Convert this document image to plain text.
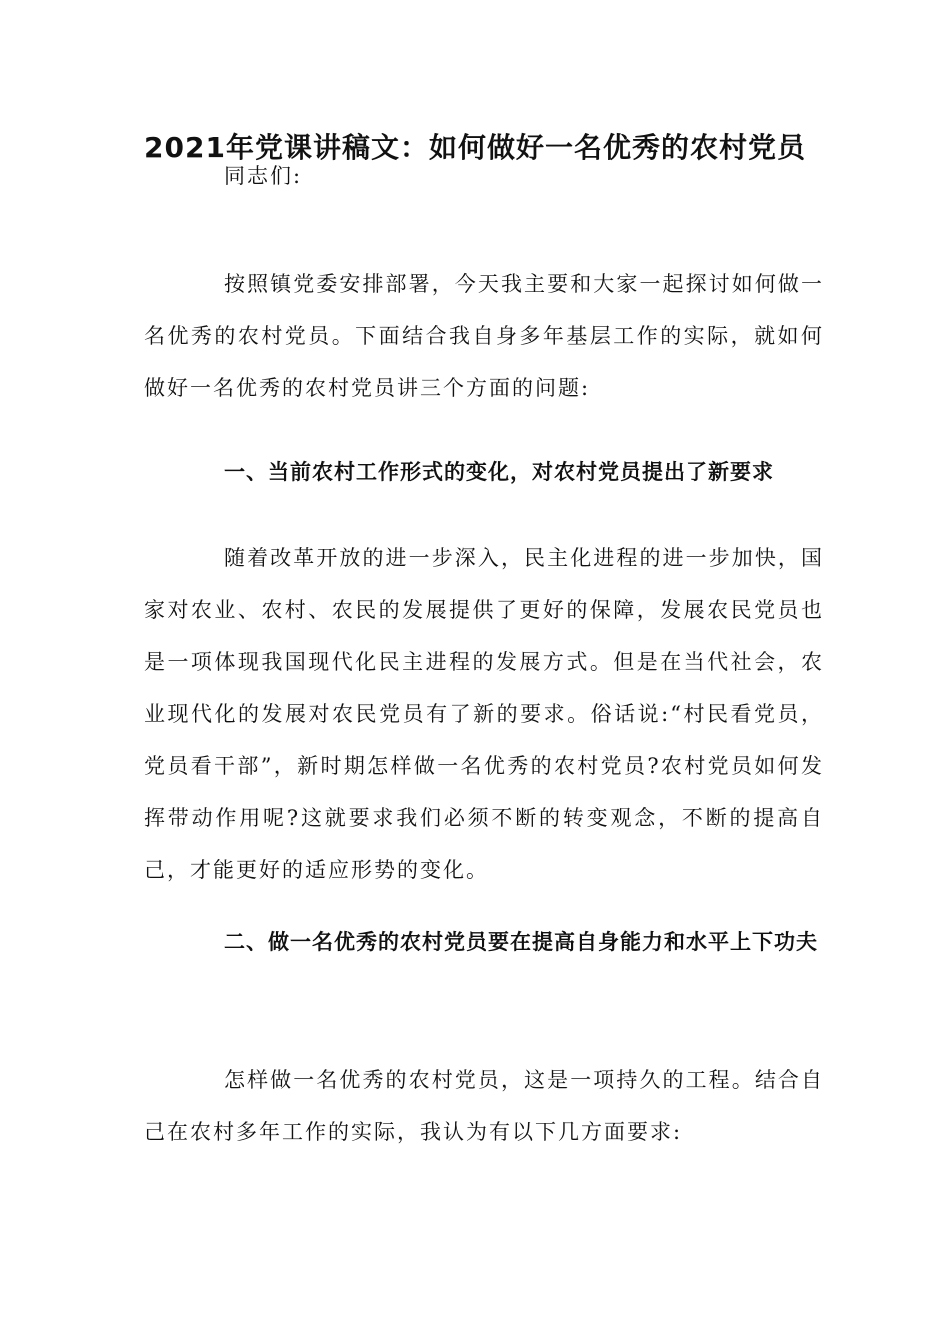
2021年党课讲稿文：如何做好一名优秀的农村党员

同志们:

按照镇党委安排部署，今天我主要和大家一起探讨如何做一名优秀的农村党员。下面结合我自身多年基层工作的实际，就如何做好一名优秀的农村党员讲三个方面的问题:

一、当前农村工作形式的变化，对农村党员提出了新要求

随着改革开放的进一步深入，民主化进程的进一步加快，国家对农业、农村、农民的发展提供了更好的保障，发展农民党员也是一项体现我国现代化民主进程的发展方式。但是在当代社会，农业现代化的发展对农民党员有了新的要求。俗话说:“村民看党员，党员看干部”，新时期怎样做一名优秀的农村党员?农村党员如何发挥带动作用呢?这就要求我们必须不断的转变观念，不断的提高自己，才能更好的适应形势的变化。

二、做一名优秀的农村党员要在提高自身能力和水平上下功夫

怎样做一名优秀的农村党员，这是一项持久的工程。结合自己在农村多年工作的实际，我认为有以下几方面要求:
